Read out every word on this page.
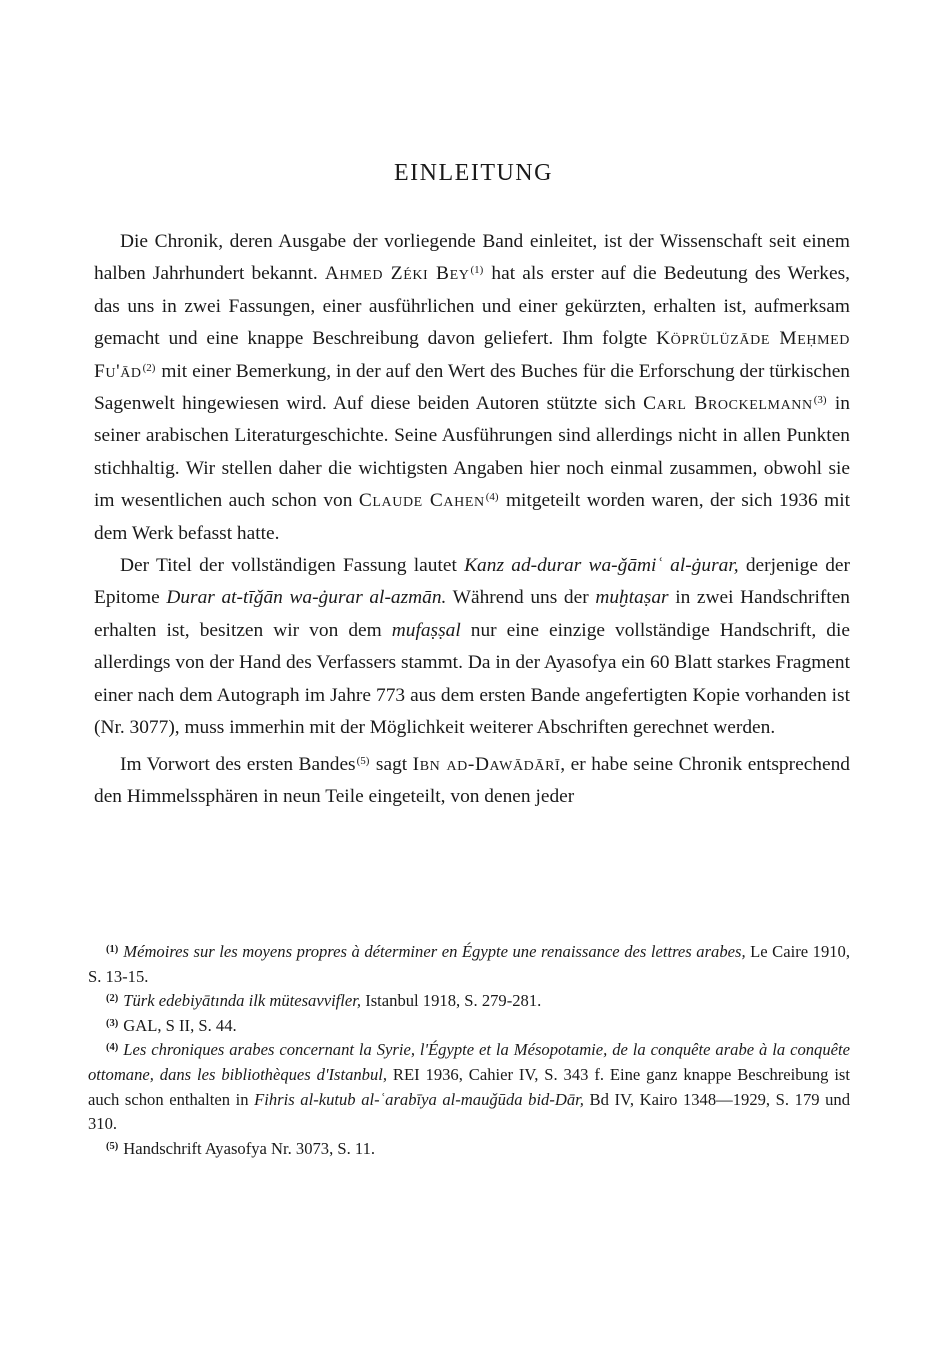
EINLEITUNG

Die Chronik, deren Ausgabe der vorliegende Band einleitet, ist der Wissenschaft seit einem halben Jahrhundert bekannt. Ahmed Zéki Bey$^{(1)}$ hat als erster auf die Bedeutung des Werkes, das uns in zwei Fassungen, einer ausführlichen und einer gekürzten, erhalten ist, aufmerksam gemacht und eine knappe Beschreibung davon geliefert. Ihm folgte Köprülüzāde Meḥmed Fu'ād$^{(2)}$ mit einer Bemerkung, in der auf den Wert des Buches für die Erforschung der türkischen Sagenwelt hingewiesen wird. Auf diese beiden Autoren stützte sich Carl Brockelmann$^{(3)}$ in seiner arabischen Literaturgeschichte. Seine Ausführungen sind allerdings nicht in allen Punkten stichhaltig. Wir stellen daher die wichtigsten Angaben hier noch einmal zusammen, obwohl sie im wesentlichen auch schon von Claude Cahen$^{(4)}$ mitgeteilt worden waren, der sich 1936 mit dem Werk befasst hatte.

Der Titel der vollständigen Fassung lautet Kanz ad-durar wa-ǧāmiʿ al-ġurar, derjenige der Epitome Durar at-tīǧān wa-ġurar al-azmān. Während uns der muḫtaṣar in zwei Handschriften erhalten ist, besitzen wir von dem mufaṣṣal nur eine einzige vollständige Handschrift, die allerdings von der Hand des Verfassers stammt. Da in der Ayasofya ein 60 Blatt starkes Fragment einer nach dem Autograph im Jahre 773 aus dem ersten Bande angefertigten Kopie vorhanden ist (Nr. 3077), muss immerhin mit der Möglichkeit weiterer Abschriften gerechnet werden.

Im Vorwort des ersten Bandes$^{(5)}$ sagt Ibn ad-Dawādārī, er habe seine Chronik entsprechend den Himmelssphären in neun Teile eingeteilt, von denen jeder

$^{(1)}$ Mémoires sur les moyens propres à déterminer en Égypte une renaissance des lettres arabes, Le Caire 1910, S. 13-15.

$^{(2)}$ Türk edebiyātında ilk mütesavvifler, Istanbul 1918, S. 279-281.

$^{(3)}$ GAL, S II, S. 44.

$^{(4)}$ Les chroniques arabes concernant la Syrie, l'Égypte et la Mésopotamie, de la conquête arabe à la conquête ottomane, dans les bibliothèques d'Istanbul, REI 1936, Cahier IV, S. 343 f. Eine ganz knappe Beschreibung ist auch schon enthalten in Fihris al-kutub al-ʿarabīya al-mauǧūda bid-Dār, Bd IV, Kairo 1348—1929, S. 179 und 310.

$^{(5)}$ Handschrift Ayasofya Nr. 3073, S. 11.
